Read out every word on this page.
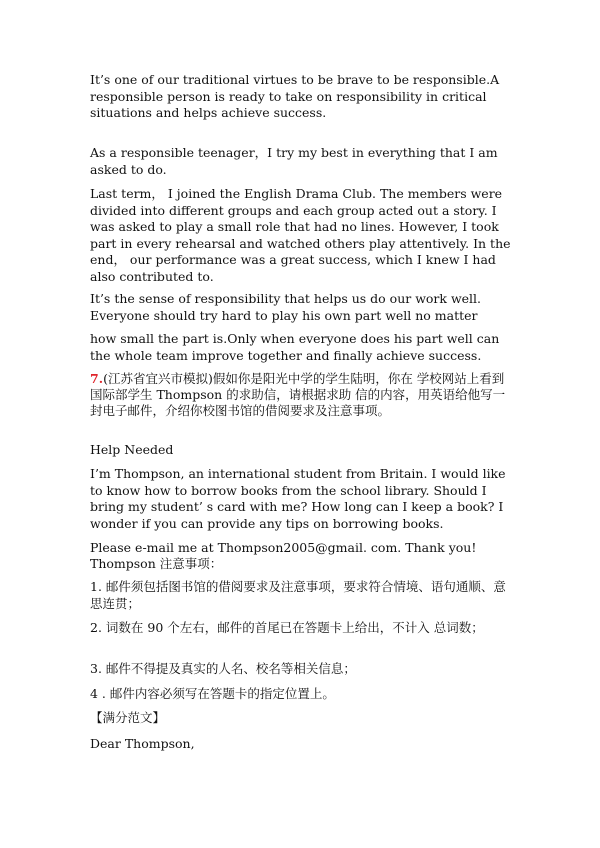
It’s one of our traditional virtues to be brave to be responsible.A responsible person is ready to take on responsibility in critical situations and helps achieve success.

As a responsible teenager，I try my best in everything that I am asked to do.

Last term， I joined the English Drama Club. The members were divided into different groups and each group acted out a story. I was asked to play a small role that had no lines. However, I took part in every rehearsal and watched others play attentively. In the end， our performance was a great success, which I knew I had also contributed to.

It’s the sense of responsibility that helps us do our work well. Everyone should try hard to play his own part well no matter

how small the part is.Only when everyone does his part well can the whole team improve together and finally achieve success.

7.(江苏省宜兴市模拟)假如你是阳光中学的学生陆明，你在 学校网站上看到国际部学生 Thompson 的求助信，请根据求助 信的内容，用英语给他写一封电子邮件，介绍你校图书馆的借阅要求及注意事项。

Help Needed

I’m Thompson, an international student from Britain. I would like to know how to borrow books from the school library. Should I bring my student’ s card with me? How long can I keep a book? I wonder if you can provide any tips on borrowing books.

Please e-mail me at Thompson2005@gmail. com. Thank you!

Thompson 注意事项：

1. 邮件须包括图书馆的借阅要求及注意事项，要求符合情境、语句通顺、意思连贯；

2. 词数在 90 个左右，邮件的首尾已在答题卡上给出，不计入 总词数；

3. 邮件不得提及真实的人名、校名等相关信息；

4 . 邮件内容必须写在答题卡的指定位置上。

【满分范文】

Dear Thompson,
